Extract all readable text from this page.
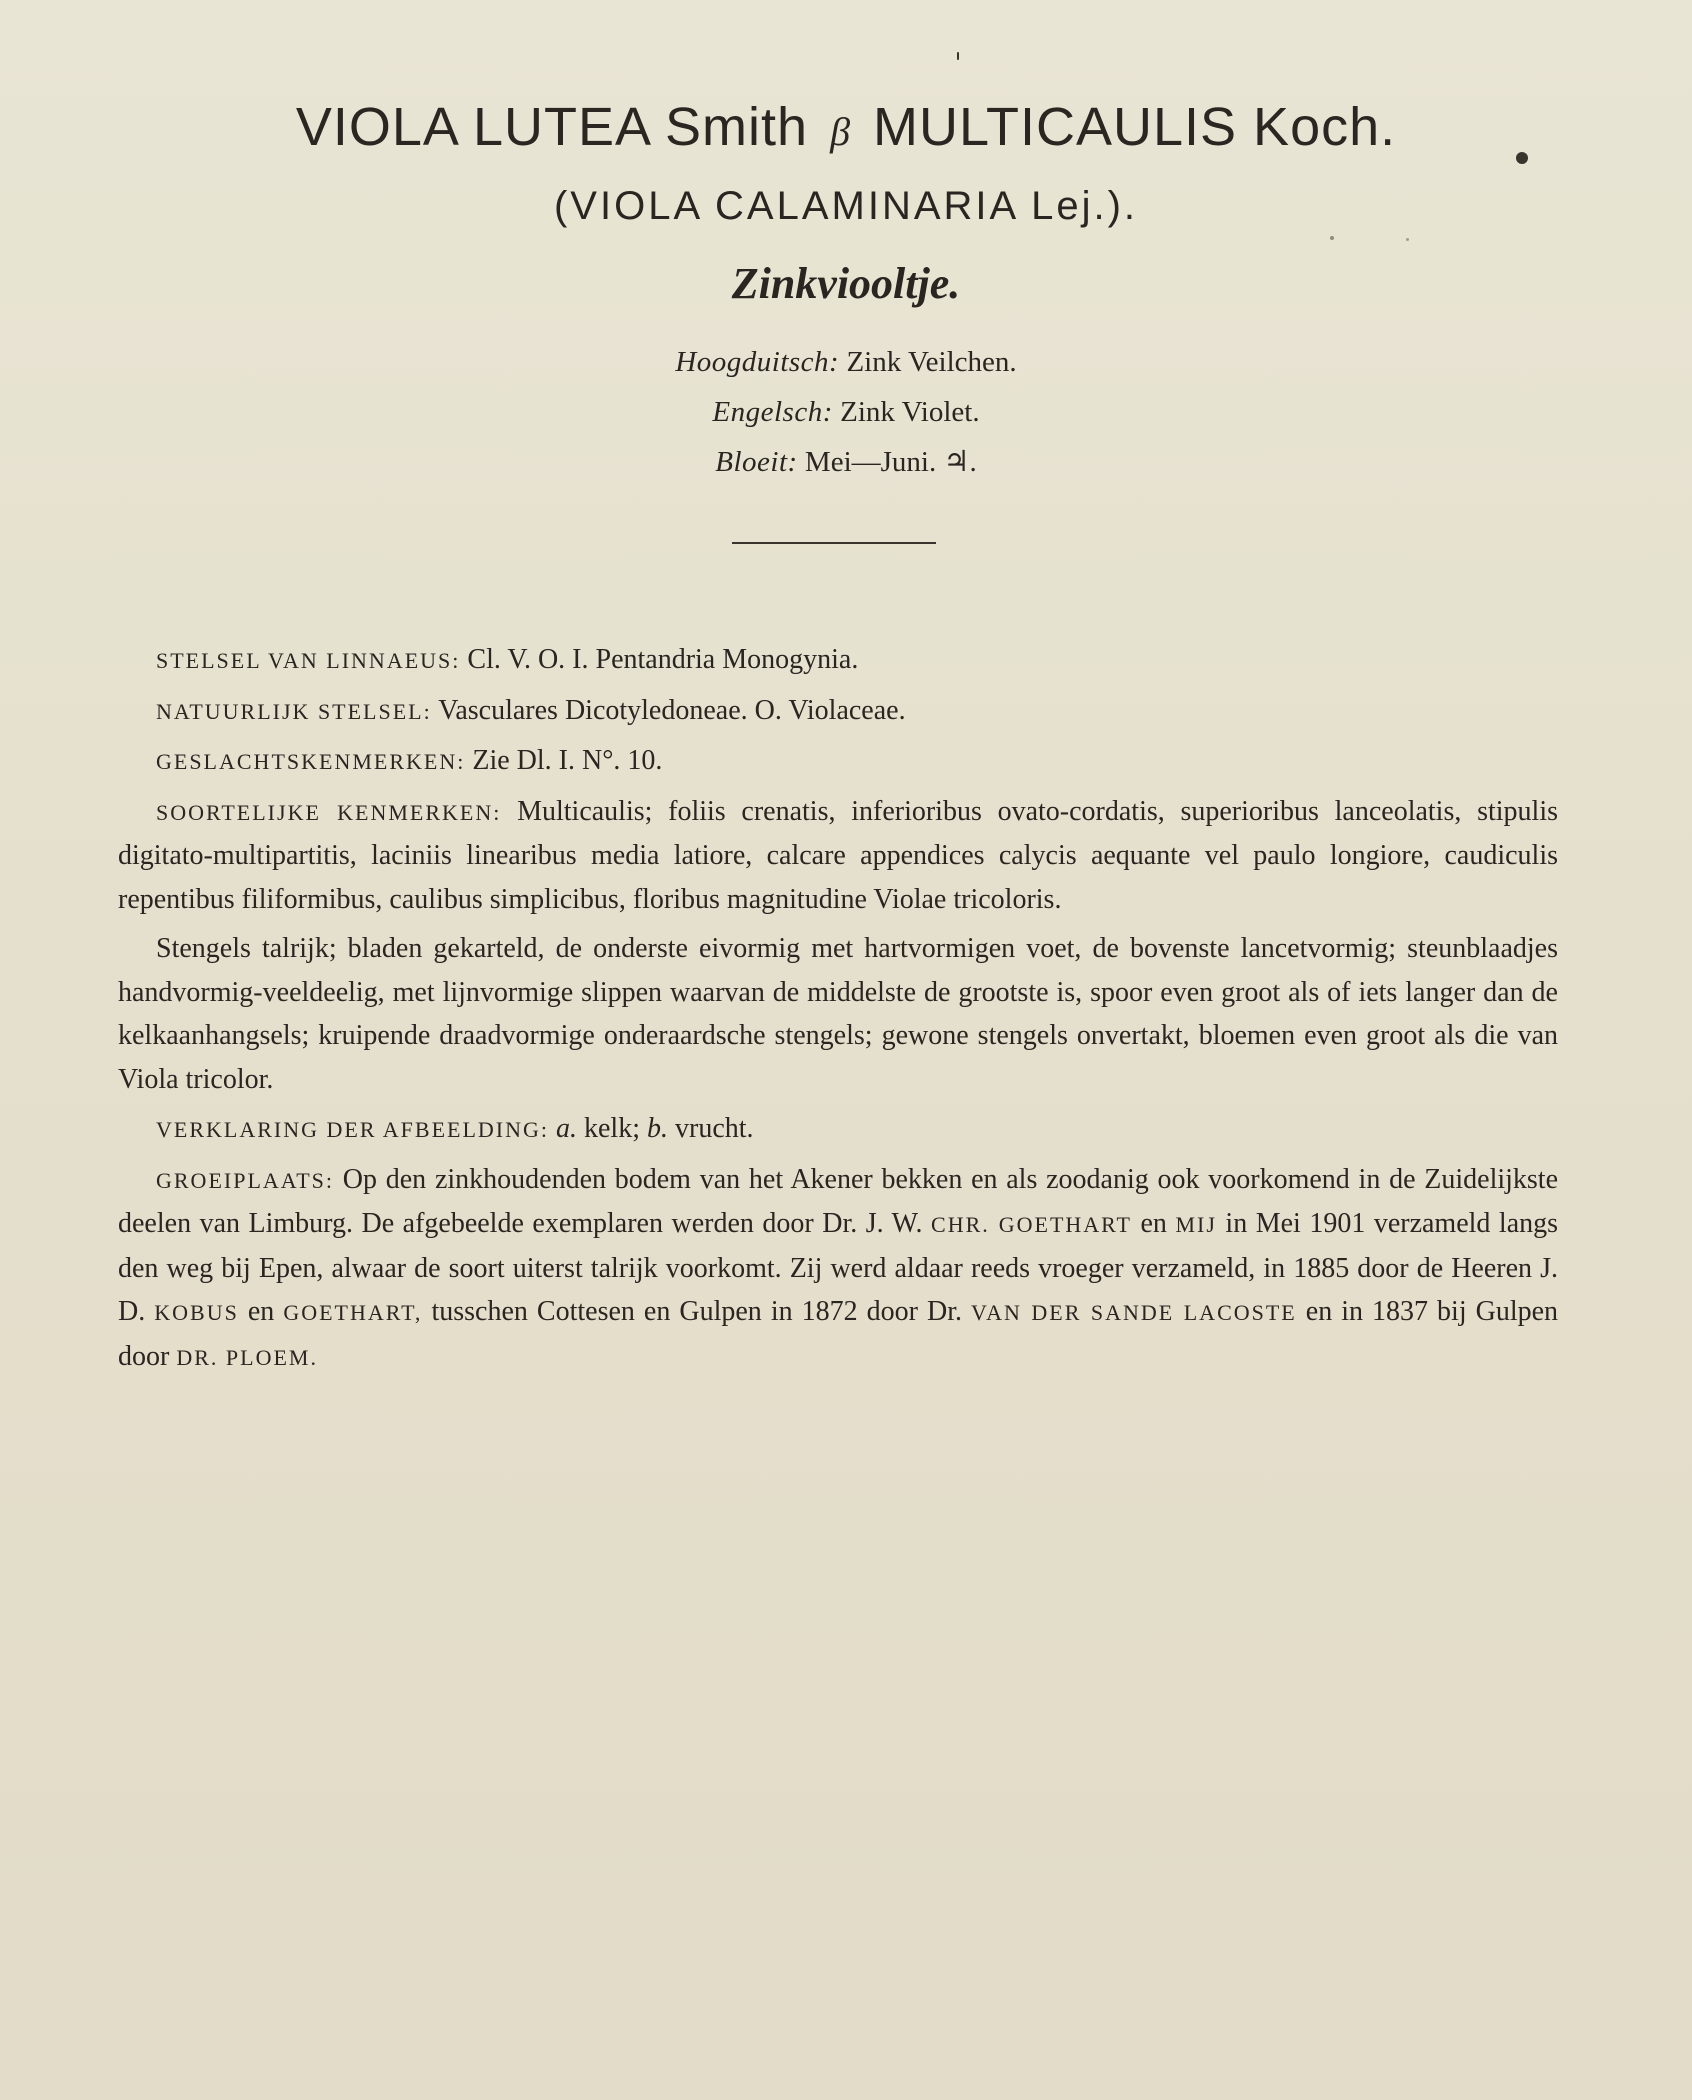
VIOLA LUTEA Smith β MULTICAULIS Koch.
(VIOLA CALAMINARIA Lej.).
Zinkviooltje.
Hoogduitsch: Zink Veilchen.
Engelsch: Zink Violet.
Bloeit: Mei—Juni. ♃.

STELSEL VAN LINNAEUS: Cl. V. O. I. Pentandria Monogynia.

NATUURLIJK STELSEL: Vasculares Dicotyledoneae. O. Violaceae.

GESLACHTSKENMERKEN: Zie Dl. I. N°. 10.

SOORTELIJKE KENMERKEN: Multicaulis; foliis crenatis, inferioribus ovato-cordatis, superioribus lanceolatis, stipulis digitato-multipartitis, laciniis linearibus media latiore, calcare appendices calycis aequante vel paulo longiore, caudiculis repentibus filiformibus, caulibus simplicibus, floribus magnitudine Violae tricoloris.

Stengels talrijk; bladen gekarteld, de onderste eivormig met hartvormigen voet, de bovenste lancetvormig; steunblaadjes handvormig-veeldeelig, met lijnvormige slippen waarvan de middelste de grootste is, spoor even groot als of iets langer dan de kelkaanhangsels; kruipende draadvormige onderaardsche stengels; gewone stengels onvertakt, bloemen even groot als die van Viola tricolor.

VERKLARING DER AFBEELDING: a. kelk; b. vrucht.

GROEIPLAATS: Op den zinkhoudenden bodem van het Akener bekken en als zoodanig ook voorkomend in de Zuidelijkste deelen van Limburg. De afgebeelde exemplaren werden door Dr. J. W. CHR. GOETHART en MIJ in Mei 1901 verzameld langs den weg bij Epen, alwaar de soort uiterst talrijk voorkomt. Zij werd aldaar reeds vroeger verzameld, in 1885 door de Heeren J. D. KOBUS en GOETHART, tusschen Cottesen en Gulpen in 1872 door Dr. VAN DER SANDE LACOSTE en in 1837 bij Gulpen door DR. PLOEM.
